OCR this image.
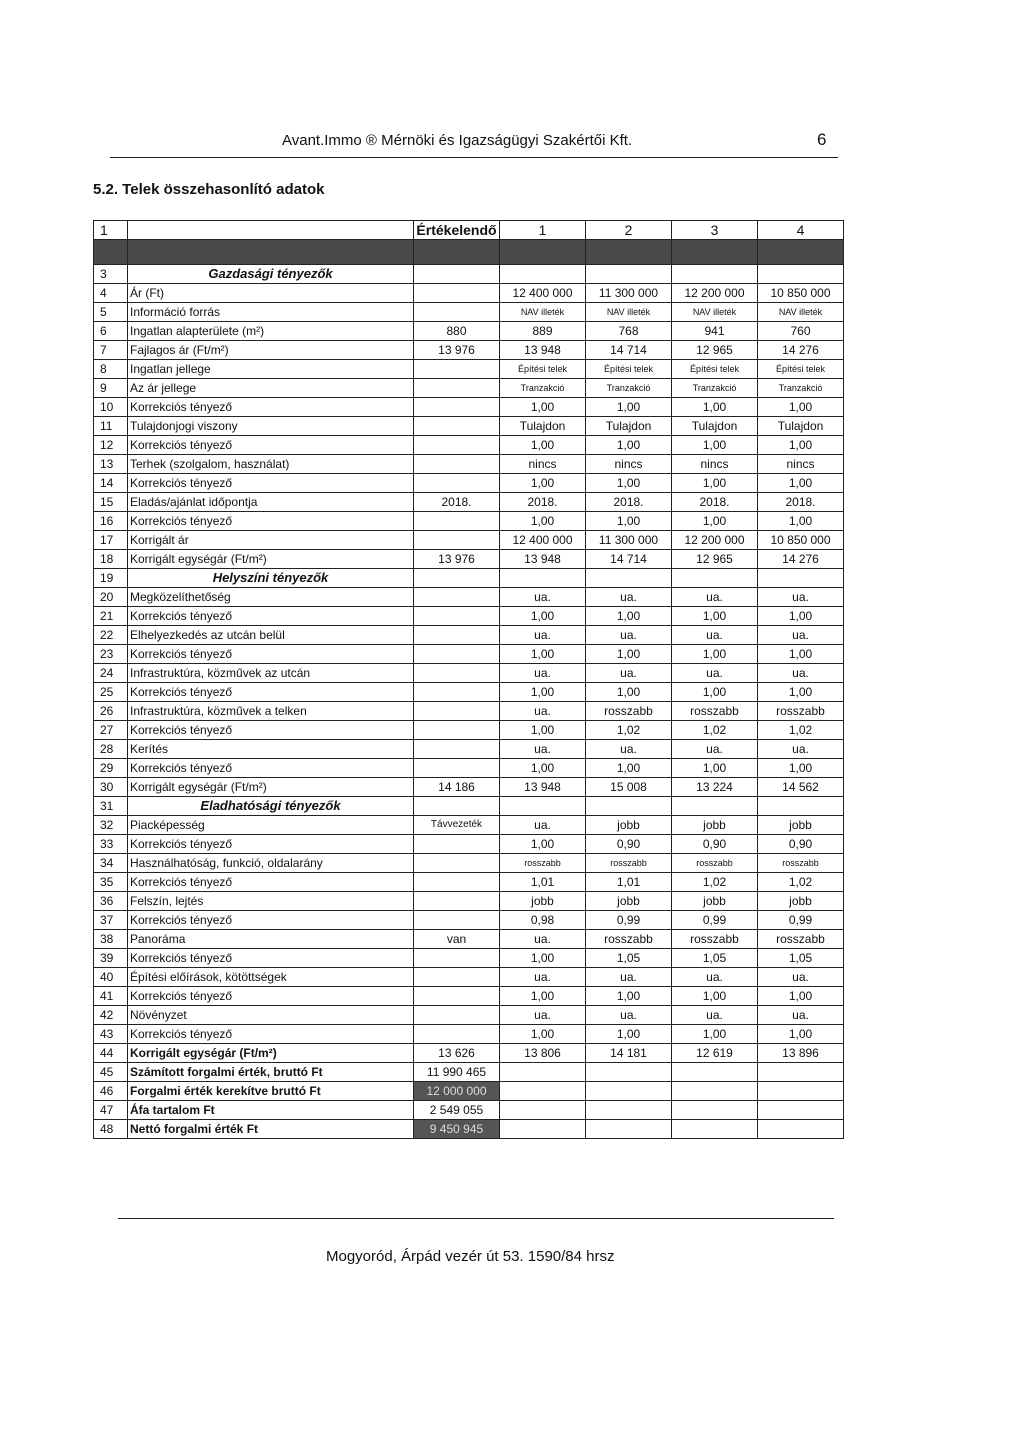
Avant.Immo ® Mérnöki és Igazságügyi Szakértői Kft.	6
5.2. Telek összehasonlító adatok
1		Értékelendő	1	2	3	4

3	Gazdasági tényezők					
4	Ár (Ft)		12 400 000	11 300 000	12 200 000	10 850 000
5	Információ forrás		NAV illeték	NAV illeték	NAV illeték	NAV illeték
6	Ingatlan alapterülete (m²)	880	889	768	941	760
7	Fajlagos ár (Ft/m²)	13 976	13 948	14 714	12 965	14 276
8	Ingatlan jellege		Építési telek	Építési telek	Építési telek	Építési telek
9	Az ár jellege		Tranzakció	Tranzakció	Tranzakció	Tranzakció
10	Korrekciós tényező		1,00	1,00	1,00	1,00
11	Tulajdonjogi viszony		Tulajdon	Tulajdon	Tulajdon	Tulajdon
12	Korrekciós tényező		1,00	1,00	1,00	1,00
13	Terhek (szolgalom, használat)		nincs	nincs	nincs	nincs
14	Korrekciós tényező		1,00	1,00	1,00	1,00
15	Eladás/ajánlat időpontja	2018.	2018.	2018.	2018.	2018.
16	Korrekciós tényező		1,00	1,00	1,00	1,00
17	Korrigált ár		12 400 000	11 300 000	12 200 000	10 850 000
18	Korrigált egységár (Ft/m²)	13 976	13 948	14 714	12 965	14 276
19	Helyszíni tényezők					
20	Megközelíthetőség		ua.	ua.	ua.	ua.
21	Korrekciós tényező		1,00	1,00	1,00	1,00
22	Elhelyezkedés az utcán belül		ua.	ua.	ua.	ua.
23	Korrekciós tényező		1,00	1,00	1,00	1,00
24	Infrastruktúra, közművek az utcán		ua.	ua.	ua.	ua.
25	Korrekciós tényező		1,00	1,00	1,00	1,00
26	Infrastruktúra, közművek a telken		ua.	rosszabb	rosszabb	rosszabb
27	Korrekciós tényező		1,00	1,02	1,02	1,02
28	Kerítés		ua.	ua.	ua.	ua.
29	Korrekciós tényező		1,00	1,00	1,00	1,00
30	Korrigált egységár (Ft/m²)	14 186	13 948	15 008	13 224	14 562
31	Eladhatósági tényezők					
32	Piacképesség	Távvezeték	ua.	jobb	jobb	jobb
33	Korrekciós tényező		1,00	0,90	0,90	0,90
34	Használhatóság, funkció, oldalarány		rosszabb	rosszabb	rosszabb	rosszabb
35	Korrekciós tényező		1,01	1,01	1,02	1,02
36	Felszín, lejtés		jobb	jobb	jobb	jobb
37	Korrekciós tényező		0,98	0,99	0,99	0,99
38	Panoráma	van	ua.	rosszabb	rosszabb	rosszabb
39	Korrekciós tényező		1,00	1,05	1,05	1,05
40	Építési előírások, kötöttségek		ua.	ua.	ua.	ua.
41	Korrekciós tényező		1,00	1,00	1,00	1,00
42	Növényzet		ua.	ua.	ua.	ua.
43	Korrekciós tényező		1,00	1,00	1,00	1,00
44	Korrigált egységár (Ft/m²)	13 626	13 806	14 181	12 619	13 896
45	Számított forgalmi érték, bruttó Ft	11 990 465				
46	Forgalmi érték kerekítve bruttó Ft	12 000 000				
47	Áfa tartalom Ft	2 549 055				
48	Nettó forgalmi érték Ft	9 450 945				
Mogyoród, Árpád vezér út 53. 1590/84 hrsz
